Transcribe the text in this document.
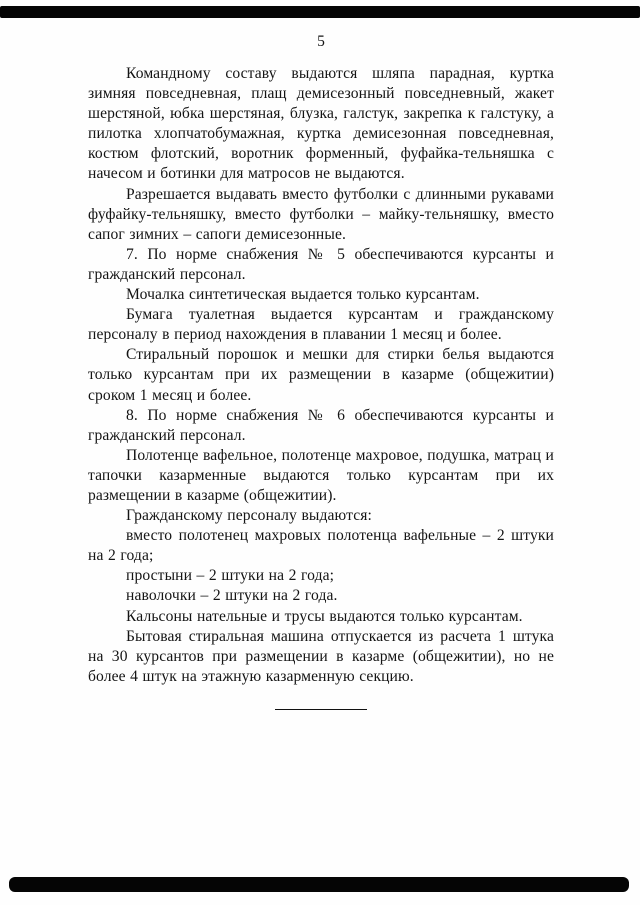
5

Командному составу выдаются шляпа парадная, куртка зимняя повседневная, плащ демисезонный повседневный, жакет шерстяной, юбка шерстяная, блузка, галстук, закрепка к галстуку, а пилотка хлопчатобумажная, куртка демисезонная повседневная, костюм флотский, воротник форменный, фуфайка-тельняшка с начесом и ботинки для матросов не выдаются.

Разрешается выдавать вместо футболки с длинными рукавами фуфайку-тельняшку, вместо футболки – майку-тельняшку, вместо сапог зимних – сапоги демисезонные.

7. По норме снабжения № 5 обеспечиваются курсанты и гражданский персонал.

Мочалка синтетическая выдается только курсантам.

Бумага туалетная выдается курсантам и гражданскому персоналу в период нахождения в плавании 1 месяц и более.

Стиральный порошок и мешки для стирки белья выдаются только курсантам при их размещении в казарме (общежитии) сроком 1 месяц и более.

8. По норме снабжения № 6 обеспечиваются курсанты и гражданский персонал.

Полотенце вафельное, полотенце махровое, подушка, матрац и тапочки казарменные выдаются только курсантам при их размещении в казарме (общежитии).

Гражданскому персоналу выдаются:

вместо полотенец махровых полотенца вафельные – 2 штуки на 2 года;

простыни – 2 штуки на 2 года;

наволочки – 2 штуки на 2 года.

Кальсоны нательные и трусы выдаются только курсантам.

Бытовая стиральная машина отпускается из расчета 1 штука на 30 курсантов при размещении в казарме (общежитии), но не более 4 штук на этажную казарменную секцию.
